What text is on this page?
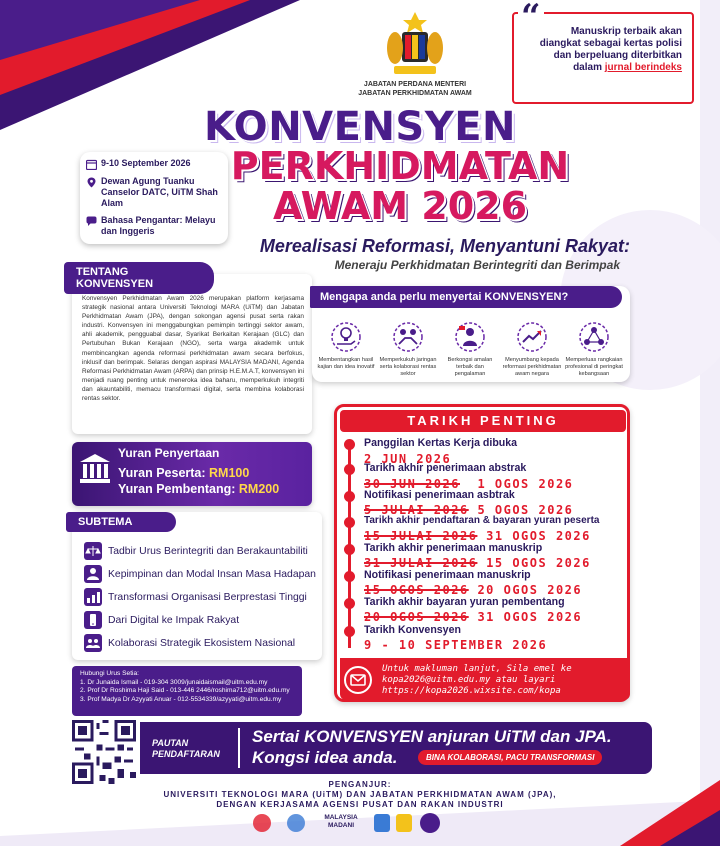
JABATAN PERDANA MENTERI
JABATAN PERKHIDMATAN AWAM
Manuskrip terbaik akan diangkat sebagai kertas polisi dan berpeluang diterbitkan dalam jurnal berindeks
“
KONVENSYEN
PERKHIDMATAN
AWAM 2026
Merealisasi Reformasi, Menyantuni Rakyat:
Meneraju Perkhidmatan Berintegriti dan Berimpak
9-10 September 2026
Dewan Agung Tuanku Canselor DATC, UiTM Shah Alam
Bahasa Pengantar: Melayu dan Inggeris
TENTANG KONVENSYEN
Konvensyen Perkhidmatan Awam 2026 merupakan platform kerjasama strategik nasional antara Universiti Teknologi MARA (UiTM) dan Jabatan Perkhidmatan Awam (JPA), dengan sokongan agensi pusat serta rakan industri. Konvensyen ini menggabungkan pemimpin tertinggi sektor awam, ahli akademik, pengguabal dasar, Syarikat Berkaitan Kerajaan (GLC) dan Pertubuhan Bukan Kerajaan (NGO), serta warga akademik untuk membincangkan agenda reformasi perkhidmatan awam secara berfokus, inklusif dan berimpak. Selaras dengan aspirasi MALAYSIA MADANI, Agenda Reformasi Perkhidmatan Awam (ARPA) dan prinsip H.E.M.A.T, konvensyen ini menjadi ruang penting untuk meneroka idea baharu, memperkukuh integriti dan akauntabiliti, memacu transformasi digital, serta membina kolaborasi rentas sektor.
Mengapa anda perlu menyertai KONVENSYEN?
Membentangkan hasil kajian dan idea inovatif
Memperkukuh jaringan serta kolaborasi rentas sektor
Berkongsi amalan terbaik dan pengalaman
Menyumbang kepada reformasi perkhidmatan awam negara
Memperluas rangkaian profesional di peringkat kebangsaan
Yuran Penyertaan
Yuran Peserta: RM100
Yuran Pembentang: RM200
SUBTEMA
Tadbir Urus Berintegriti dan Berakauntabiliti
Kepimpinan dan Modal Insan Masa Hadapan
Transformasi Organisasi Berprestasi Tinggi
Dari Digital ke Impak Rakyat
Kolaborasi Strategik Ekosistem Nasional
TARIKH PENTING
Panggilan Kertas Kerja dibuka
2 JUN 2026
Tarikh akhir penerimaan abstrak
30 JUN 2026 1 OGOS 2026
Notifikasi penerimaan asbtrak
5 JULAI 2026 5 OGOS 2026
Tarikh akhir pendaftaran & bayaran yuran peserta
15 JULAI 2026 31 OGOS 2026
Tarikh akhir penerimaan manuskrip
31 JULAI 2026 15 OGOS 2026
Notifikasi penerimaan manuskrip
15 OGOS 2026 20 OGOS 2026
Tarikh akhir bayaran yuran pembentang
20 OGOS 2026 31 OGOS 2026
Tarikh Konvensyen
9 - 10 SEPTEMBER 2026
Untuk makluman lanjut, Sila emel ke kopa2026@uitm.edu.my atau layari https://kopa2026.wixsite.com/kopa
Hubungi Urus Setia:
1. Dr Junaida Ismail - 019-304 3009/junaidaismail@uitm.edu.my
2. Prof Dr Roshima Haji Said - 013-446 2446/roshima712@uitm.edu.my
3. Prof Madya Dr Azyyati Anuar - 012-5534339/azyyati@uitm.edu.my
PAUTAN
PENDAFTARAN
Sertai KONVENSYEN anjuran UiTM dan JPA.
Kongsi idea anda.	BINA KOLABORASI, PACU TRANSFORMASI
PENGANJUR:
UNIVERSITI TEKNOLOGI MARA (UiTM) DAN JABATAN PERKHIDMATAN AWAM (JPA),
DENGAN KERJASAMA AGENSI PUSAT DAN RAKAN INDUSTRI
MALAYSIA MADANI
